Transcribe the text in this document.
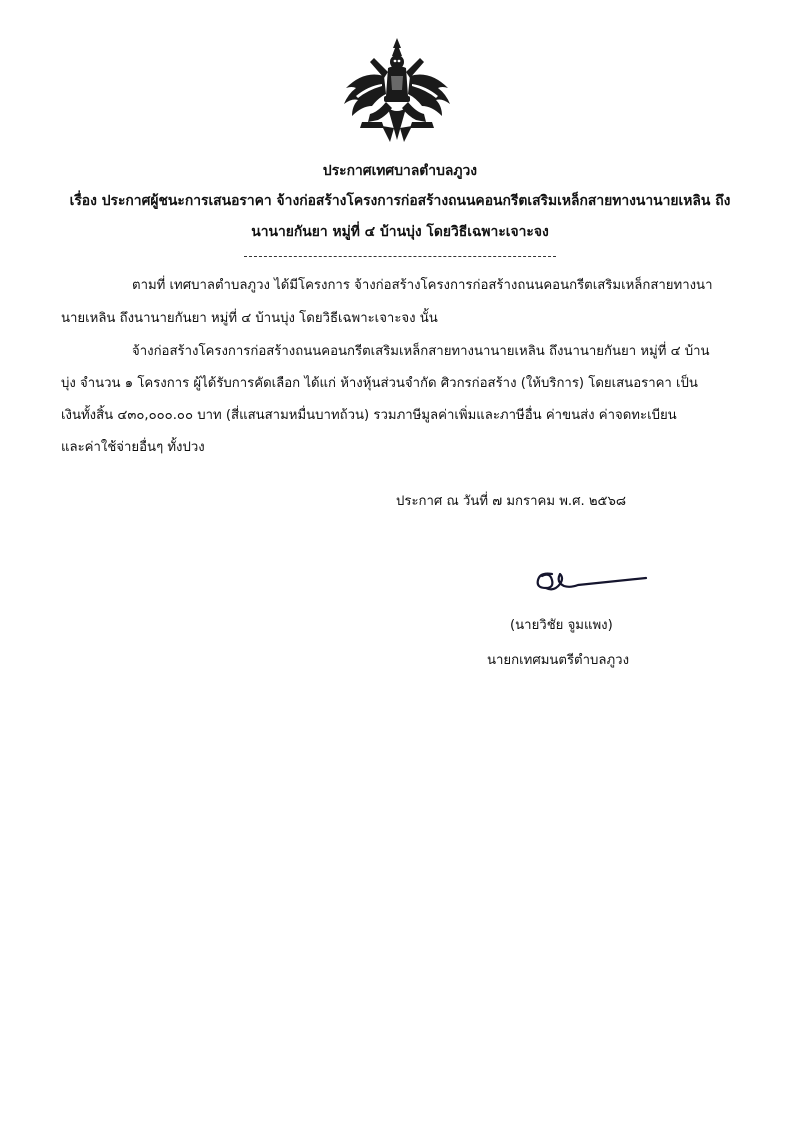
ประกาศเทศบาลตำบลภูวง
เรื่อง ประกาศผู้ชนะการเสนอราคา จ้างก่อสร้างโครงการก่อสร้างถนนคอนกรีตเสริมเหล็กสายทางนานายเหลิน ถึง
นานายกันยา หมู่ที่ ๔ บ้านบุ่ง โดยวิธีเฉพาะเจาะจง
ตามที่ เทศบาลตำบลภูวง ได้มีโครงการ จ้างก่อสร้างโครงการก่อสร้างถนนคอนกรีตเสริมเหล็กสายทางนา
นายเหลิน ถึงนานายกันยา หมู่ที่ ๔ บ้านบุ่ง โดยวิธีเฉพาะเจาะจง นั้น
จ้างก่อสร้างโครงการก่อสร้างถนนคอนกรีตเสริมเหล็กสายทางนานายเหลิน ถึงนานายกันยา หมู่ที่ ๔ บ้าน
บุ่ง จำนวน ๑ โครงการ ผู้ได้รับการคัดเลือก ได้แก่ ห้างหุ้นส่วนจำกัด ศิวกรก่อสร้าง (ให้บริการ) โดยเสนอราคา เป็น
เงินทั้งสิ้น ๔๓๐,๐๐๐.๐๐ บาท (สี่แสนสามหมื่นบาทถ้วน) รวมภาษีมูลค่าเพิ่มและภาษีอื่น ค่าขนส่ง ค่าจดทะเบียน
และค่าใช้จ่ายอื่นๆ ทั้งปวง
ประกาศ ณ วันที่ ๗ มกราคม พ.ศ. ๒๕๖๘
(นายวิชัย จูมแพง)
นายกเทศมนตรีตำบลภูวง
